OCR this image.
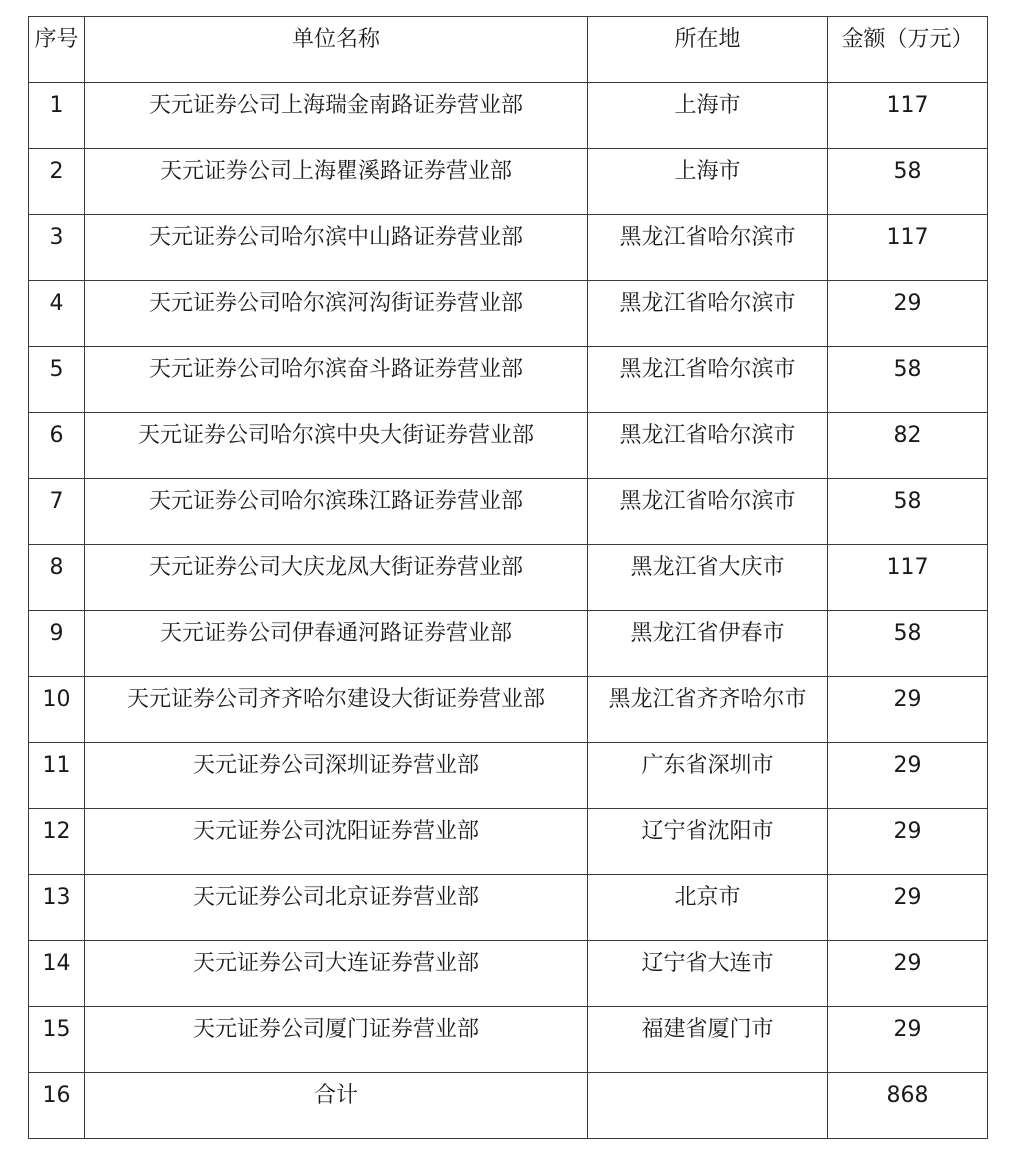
序号	单位名称	所在地	金额（万元）
1	天元证券公司上海瑞金南路证券营业部	上海市	117
2	天元证券公司上海瞿溪路证券营业部	上海市	58
3	天元证券公司哈尔滨中山路证券营业部	黑龙江省哈尔滨市	117
4	天元证券公司哈尔滨河沟街证券营业部	黑龙江省哈尔滨市	29
5	天元证券公司哈尔滨奋斗路证券营业部	黑龙江省哈尔滨市	58
6	天元证券公司哈尔滨中央大街证券营业部	黑龙江省哈尔滨市	82
7	天元证券公司哈尔滨珠江路证券营业部	黑龙江省哈尔滨市	58
8	天元证券公司大庆龙凤大街证券营业部	黑龙江省大庆市	117
9	天元证券公司伊春通河路证券营业部	黑龙江省伊春市	58
10	天元证券公司齐齐哈尔建设大街证券营业部	黑龙江省齐齐哈尔市	29
11	天元证券公司深圳证券营业部	广东省深圳市	29
12	天元证券公司沈阳证券营业部	辽宁省沈阳市	29
13	天元证券公司北京证券营业部	北京市	29
14	天元证券公司大连证券营业部	辽宁省大连市	29
15	天元证券公司厦门证券营业部	福建省厦门市	29
16	合计		868
